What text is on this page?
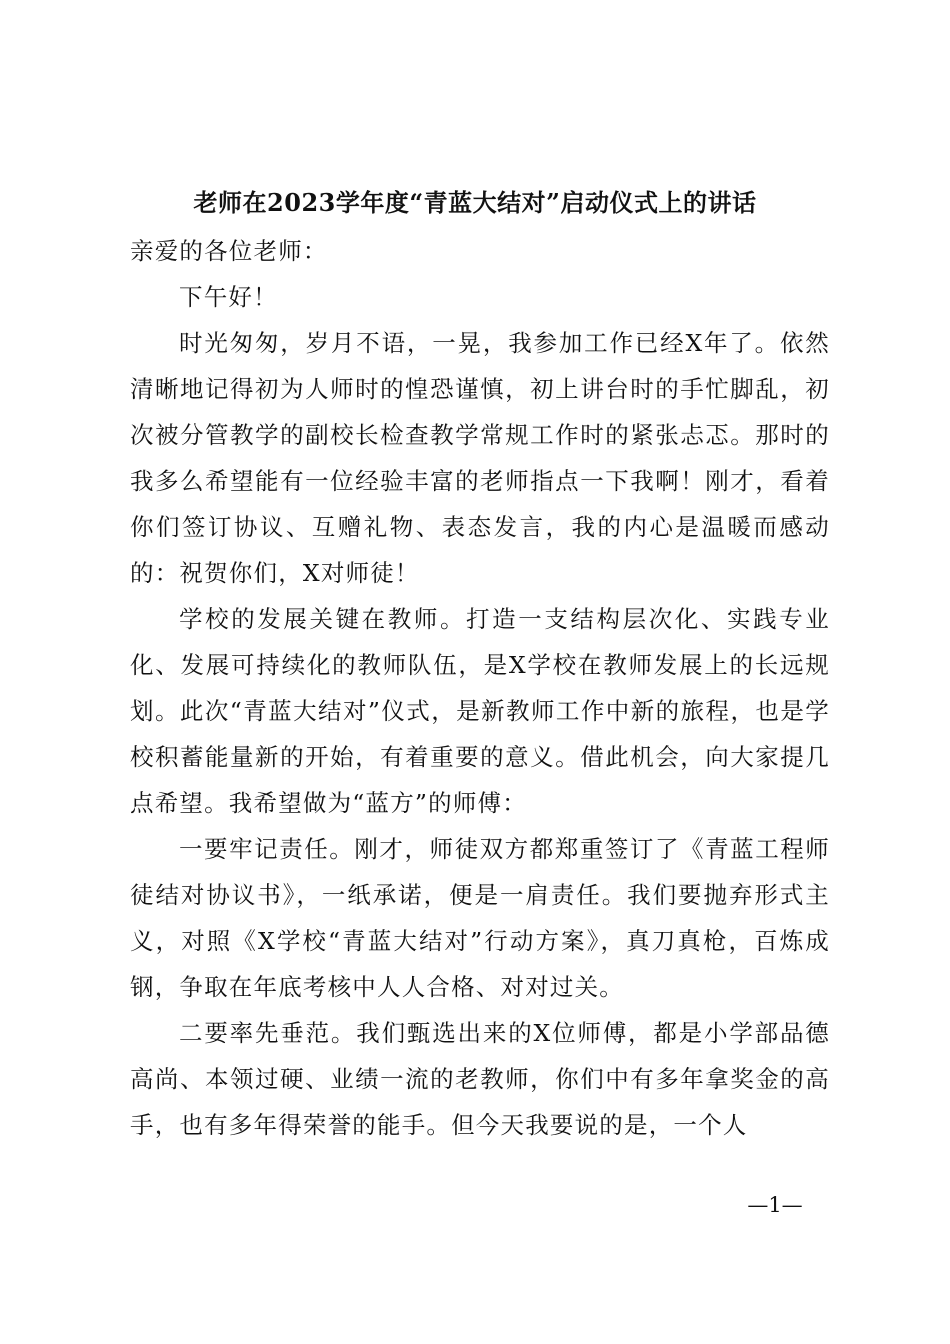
老师在2023学年度“青蓝大结对”启动仪式上的讲话

亲爱的各位老师：

下午好！

时光匆匆，岁月不语，一晃，我参加工作已经X年了。依然清晰地记得初为人师时的惶恐谨慎，初上讲台时的手忙脚乱，初次被分管教学的副校长检查教学常规工作时的紧张忐忑。那时的我多么希望能有一位经验丰富的老师指点一下我啊！刚才，看着你们签订协议、互赠礼物、表态发言，我的内心是温暖而感动的：祝贺你们，X对师徒！

学校的发展关键在教师。打造一支结构层次化、实践专业化、发展可持续化的教师队伍，是X学校在教师发展上的长远规划。此次“青蓝大结对”仪式，是新教师工作中新的旅程，也是学校积蓄能量新的开始，有着重要的意义。借此机会，向大家提几点希望。我希望做为“蓝方”的师傅：

一要牢记责任。刚才，师徒双方都郑重签订了《青蓝工程师徒结对协议书》，一纸承诺，便是一肩责任。我们要抛弃形式主义，对照《X学校“青蓝大结对”行动方案》，真刀真枪，百炼成钢，争取在年底考核中人人合格、对对过关。

二要率先垂范。我们甄选出来的X位师傅，都是小学部品德高尚、本领过硬、业绩一流的老教师，你们中有多年拿奖金的高手，也有多年得荣誉的能手。但今天我要说的是，一个人

—1—
